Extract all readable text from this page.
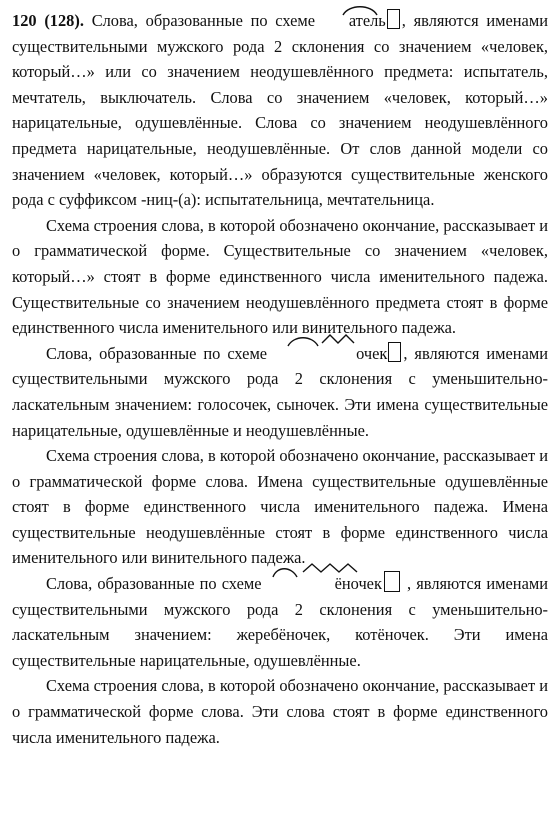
120 (128). Слова, образованные по схеме
атель , являются именами существительными мужского рода 2 склонения со значением «человек, который…» или со значением неодушевлённого предмета: испытатель, мечтатель, выключатель. Слова со значением «человек, который…» нарицательные, одушевлённые. Слова со значением неодушевлённого предмета нарицательные, неодушевлённые. От слов данной модели со значением «человек, который…» образуются существительные женского рода с суффиксом -ниц-(а): испытательница, мечтательница.

Схема строения слова, в которой обозначено окончание, рассказывает и о грамматической форме. Существительные со значением «человек, который…» стоят в форме единственного числа именительного падежа. Существительные со значением неодушевлённого предмета стоят в форме единственного числа именительного или винительного падежа.

Слова, образованные по схеме	очек , являются именами существительными мужского рода 2 склонения с уменьшительно-ласкательным значением: голосочек, сыночек. Эти имена существительные нарицательные, одушевлённые и неодушевлённые.

Схема строения слова, в которой обозначено окончание, рассказывает и о грамматической форме слова. Имена существительные одушевлённые стоят в форме единственного числа именительного падежа. Имена существительные неодушевлённые стоят в форме единственного числа именительного или винительного падежа.

Слова, образованные по схеме	ёночек , являются именами существительными мужского рода 2 склонения с уменьшительно-ласкательным значением: жеребёночек, котёночек. Эти имена существительные нарицательные, одушевлённые.

Схема строения слова, в которой обозначено окончание, рассказывает и о грамматической форме слова. Эти слова стоят в форме единственного числа именительного падежа.
